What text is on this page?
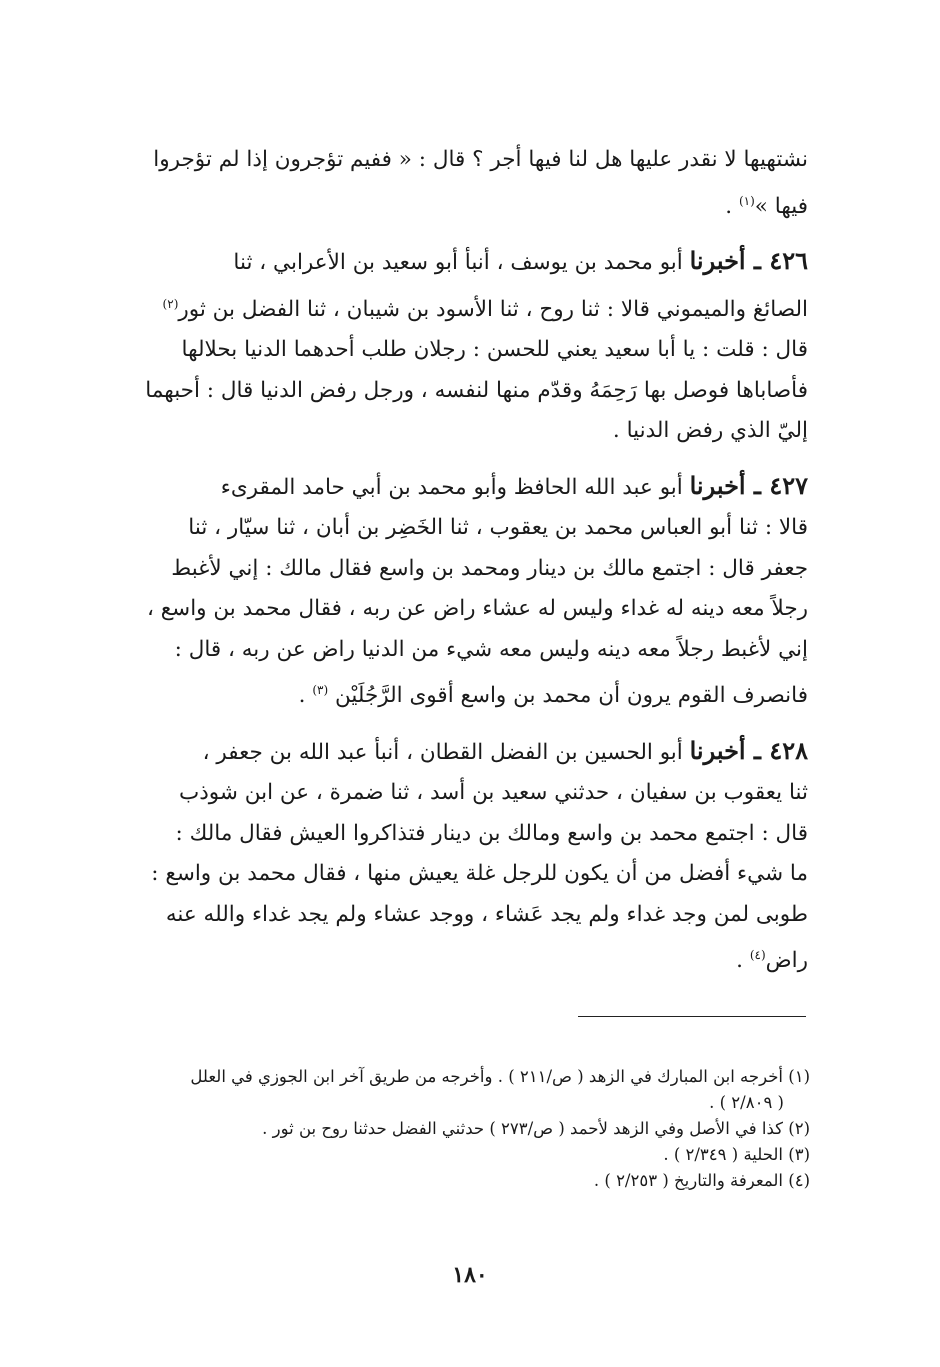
نشتهيها لا نقدر عليها هل لنا فيها أجر ؟ قال : « ففيم تؤجرون إذا لم تؤجروا
فيها »$^{(١)}$ .
٤٢٦ ـ أخبرنا أبو محمد بن يوسف ، أنبأ أبو سعيد بن الأعرابي ، ثنا
الصائغ والميموني قالا : ثنا روح ، ثنا الأسود بن شيبان ، ثنا الفضل بن ثور$^{(٢)}$
قال : قلت : يا أبا سعيد يعني للحسن : رجلان طلب أحدهما الدنيا بحلالها
فأصاباها فوصل بها رَحِمَهُ وقدّم منها لنفسه ، ورجل رفض الدنيا قال : أحبهما
إليّ الذي رفض الدنيا .
٤٢٧ ـ أخبرنا أبو عبد الله الحافظ وأبو محمد بن أبي حامد المقرىء
قالا : ثنا أبو العباس محمد بن يعقوب ، ثنا الخَضِر بن أبان ، ثنا سيّار ، ثنا
جعفر قال : اجتمع مالك بن دينار ومحمد بن واسع فقال مالك : إني لأغبط
رجلاً معه دينه له غداء وليس له عشاء راض عن ربه ، فقال محمد بن واسع ،
إني لأغبط رجلاً معه دينه وليس معه شيء من الدنيا راض عن ربه ، قال :
فانصرف القوم يرون أن محمد بن واسع أقوى الرَّجُلَيْن $^{(٣)}$ .
٤٢٨ ـ أخبرنا أبو الحسين بن الفضل القطان ، أنبأ عبد الله بن جعفر ،
ثنا يعقوب بن سفيان ، حدثني سعيد بن أسد ، ثنا ضمرة ، عن ابن شوذب
قال : اجتمع محمد بن واسع ومالك بن دينار فتذاكروا العيش فقال مالك :
ما شيء أفضل من أن يكون للرجل غلة يعيش منها ، فقال محمد بن واسع :
طوبى لمن وجد غداء ولم يجد عَشاء ، ووجد عشاء ولم يجد غداء والله عنه
راض$^{(٤)}$ .
(١) أخرجه ابن المبارك في الزهد ( ص/٢١١ ) . وأخرجه من طريق آخر ابن الجوزي في العلل
( ٢/٨٠٩ ) .
(٢) كذا في الأصل وفي الزهد لأحمد ( ص/٢٧٣ ) حدثني الفضل حدثنا روح بن ثور .
(٣) الحلية ( ٢/٣٤٩ ) .
(٤) المعرفة والتاريخ ( ٢/٢٥٣ ) .
١٨٠
